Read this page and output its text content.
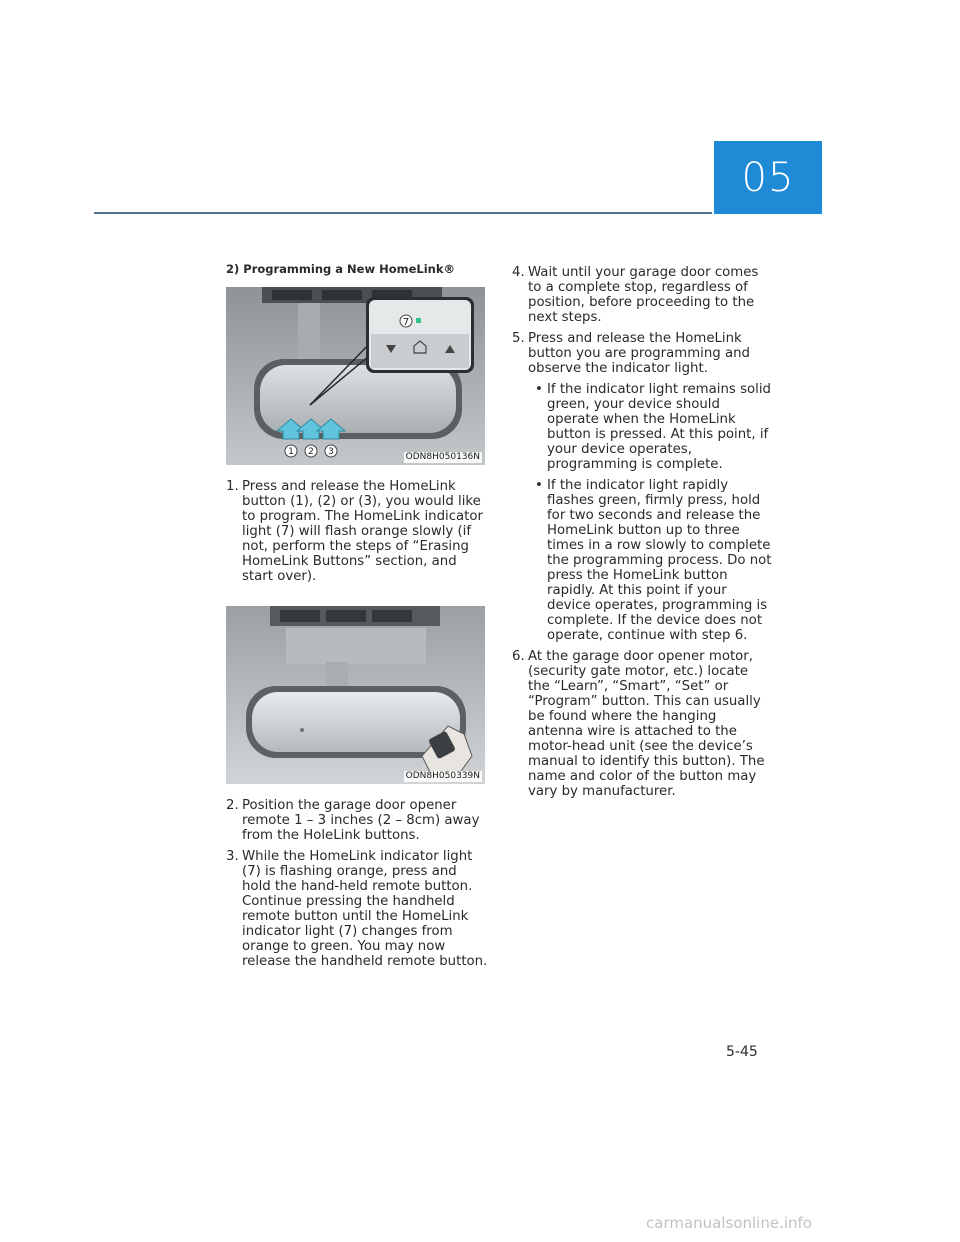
05
2) Programming a New HomeLink®
7
1 2 3	ODN8H050136N
1. Press and release the HomeLink button (1), (2) or (3), you would like to program. The HomeLink indicator light (7) will flash orange slowly (if not, perform the steps of “Erasing HomeLink Buttons” section, and start over).
ODN8H050339N
2. Position the garage door opener remote 1 – 3 inches (2 – 8cm) away from the HoleLink buttons.
3. While the HomeLink indicator light (7) is flashing orange, press and hold the hand-held remote button. Continue pressing the handheld remote button until the HomeLink indicator light (7) changes from orange to green. You may now release the handheld remote button.
4. Wait until your garage door comes to a complete stop, regardless of position, before proceeding to the next steps.
5. Press and release the HomeLink button you are programming and observe the indicator light.
• If the indicator light remains solid green, your device should operate when the HomeLink button is pressed. At this point, if your device operates, programming is complete.
• If the indicator light rapidly flashes green, firmly press, hold for two seconds and release the HomeLink button up to three times in a row slowly to complete the programming process. Do not press the HomeLink button rapidly. At this point if your device operates, programming is complete. If the device does not operate, continue with step 6.
6. At the garage door opener motor, (security gate motor, etc.) locate the “Learn”, “Smart”, “Set” or “Program” button. This can usually be found where the hanging antenna wire is attached to the motor-head unit (see the device’s manual to identify this button). The name and color of the button may vary by manufacturer.
5-45
carmanualsonline.info
